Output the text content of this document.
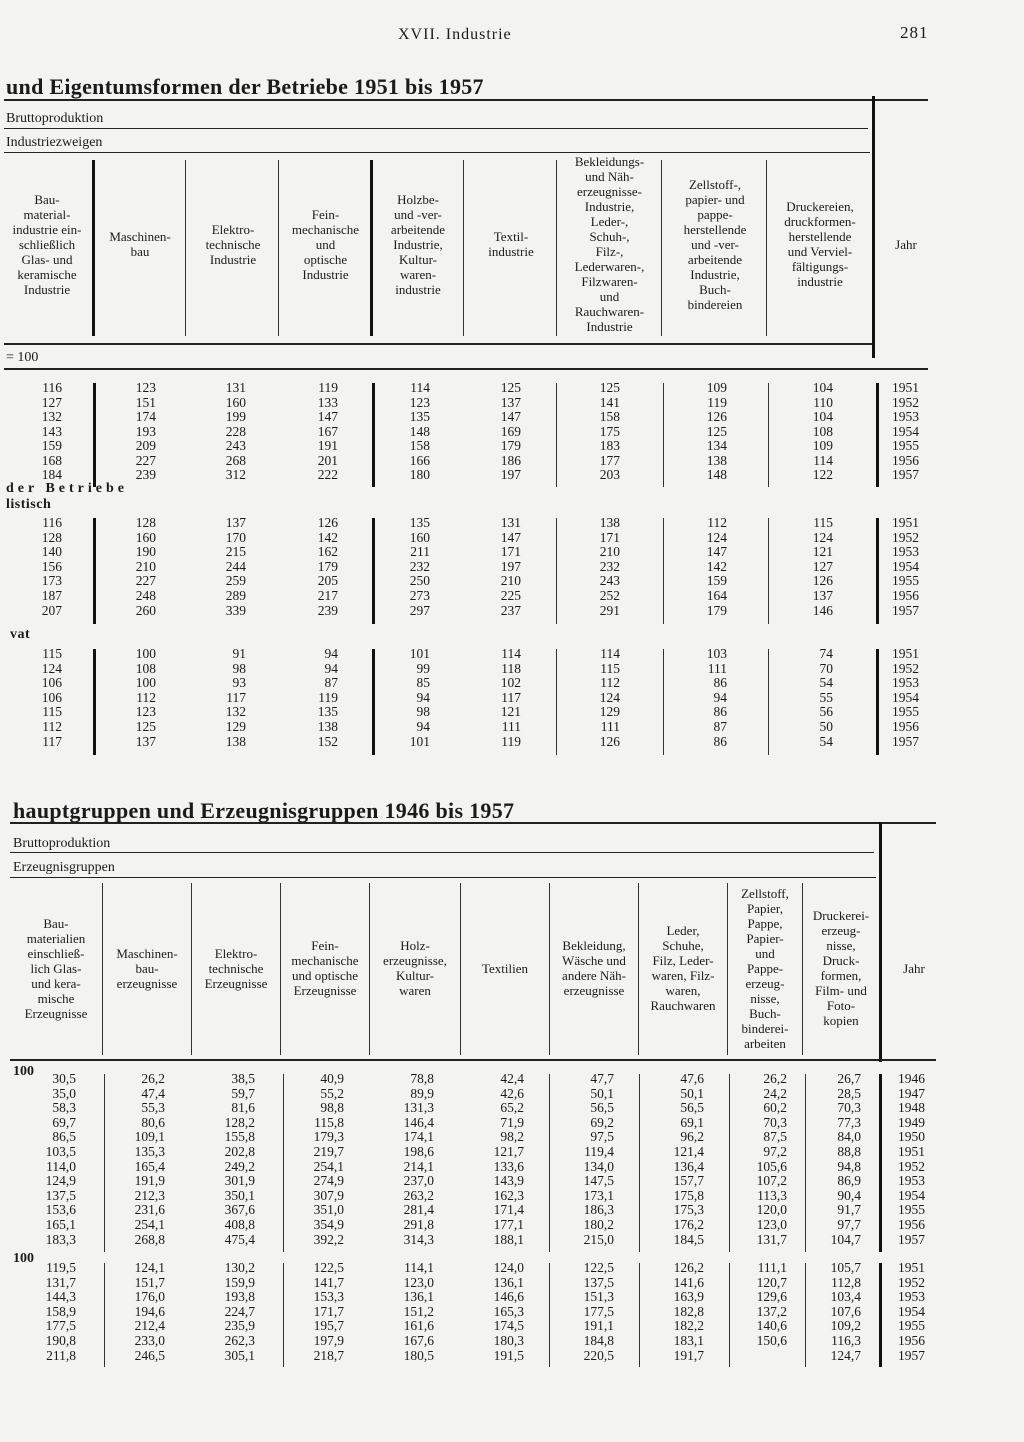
XVII. Industrie	281
und Eigentumsformen der Betriebe 1951 bis 1957
Bruttoproduktion
Industriezweigen
Bau-
material-
industrie ein-
schließlich
Glas- und
keramische
Industrie
Maschinen-
bau
Elektro-
technische
Industrie
Fein-
mechanische
und
optische
Industrie
Holzbe-
und -ver-
arbeitende
Industrie,
Kultur-
waren-
industrie
Textil-
industrie
Bekleidungs-
und Näh-
erzeugnisse-
Industrie,
Leder-,
Schuh-,
Filz-,
Lederwaren-,
Filzwaren-
und
Rauchwaren-
Industrie
Zellstoff-,
papier- und
pappe-
herstellende
und -ver-
arbeitende
Industrie,
Buch-
bindereien
Druckereien,
druckformen-
herstellende
und Verviel-
fältigungs-
industrie
Jahr
= 100
116
127
132
143
159
168
184
123
151
174
193
209
227
239
131
160
199
228
243
268
312
119
133
147
167
191
201
222
114
123
135
148
158
166
180
125
137
147
169
179
186
197
125
141
158
175
183
177
203
109
119
126
125
134
138
148
104
110
104
108
109
114
122
1951
1952
1953
1954
1955
1956
1957
116
128
140
156
173
187
207
128
160
190
210
227
248
260
137
170
215
244
259
289
339
126
142
162
179
205
217
239
135
160
211
232
250
273
297
131
147
171
197
210
225
237
138
171
210
232
243
252
291
112
124
147
142
159
164
179
115
124
121
127
126
137
146
1951
1952
1953
1954
1955
1956
1957
115
124
106
106
115
112
117
100
108
100
112
123
125
137
91
98
93
117
132
129
138
94
94
87
119
135
138
152
101
99
85
94
98
94
101
114
118
102
117
121
111
119
114
115
112
124
129
111
126
103
111
86
94
86
87
86
74
70
54
55
56
50
54
1951
1952
1953
1954
1955
1956
1957
der Betriebe
listisch
vat
hauptgruppen und Erzeugnisgruppen 1946 bis 1957
Bruttoproduktion
Erzeugnisgruppen
Bau-
materialien
einschließ-
lich Glas-
und kera-
mische
Erzeugnisse
Maschinen-
bau-
erzeugnisse
Elektro-
technische
Erzeugnisse
Fein-
mechanische
und optische
Erzeugnisse
Holz-
erzeugnisse,
Kultur-
waren
Textilien
Bekleidung,
Wäsche und
andere Näh-
erzeugnisse
Leder,
Schuhe,
Filz, Leder-
waren, Filz-
waren,
Rauchwaren
Zellstoff,
Papier,
Pappe,
Papier-
und
Pappe-
erzeug-
nisse,
Buch-
binderei-
arbeiten
Druckerei-
erzeug-
nisse,
Druck-
formen,
Film- und
Foto-
kopien
Jahr
100
100
30,5
35,0
58,3
69,7
86,5
103,5
114,0
124,9
137,5
153,6
165,1
183,3
26,2
47,4
55,3
80,6
109,1
135,3
165,4
191,9
212,3
231,6
254,1
268,8
38,5
59,7
81,6
128,2
155,8
202,8
249,2
301,9
350,1
367,6
408,8
475,4
40,9
55,2
98,8
115,8
179,3
219,7
254,1
274,9
307,9
351,0
354,9
392,2
78,8
89,9
131,3
146,4
174,1
198,6
214,1
237,0
263,2
281,4
291,8
314,3
42,4
42,6
65,2
71,9
98,2
121,7
133,6
143,9
162,3
171,4
177,1
188,1
47,7
50,1
56,5
69,2
97,5
119,4
134,0
147,5
173,1
186,3
180,2
215,0
47,6
50,1
56,5
69,1
96,2
121,4
136,4
157,7
175,8
175,3
176,2
184,5
26,2
24,2
60,2
70,3
87,5
97,2
105,6
107,2
113,3
120,0
123,0
131,7
26,7
28,5
70,3
77,3
84,0
88,8
94,8
86,9
90,4
91,7
97,7
104,7
1946
1947
1948
1949
1950
1951
1952
1953
1954
1955
1956
1957
119,5
131,7
144,3
158,9
177,5
190,8
211,8
124,1
151,7
176,0
194,6
212,4
233,0
246,5
130,2
159,9
193,8
224,7
235,9
262,3
305,1
122,5
141,7
153,3
171,7
195,7
197,9
218,7
114,1
123,0
136,1
151,2
161,6
167,6
180,5
124,0
136,1
146,6
165,3
174,5
180,3
191,5
122,5
137,5
151,3
177,5
191,1
184,8
220,5
126,2
141,6
163,9
182,8
182,2
183,1
191,7
111,1
120,7
129,6
137,2
140,6
150,6
105,7
112,8
103,4
107,6
109,2
116,3
124,7
1951
1952
1953
1954
1955
1956
1957
